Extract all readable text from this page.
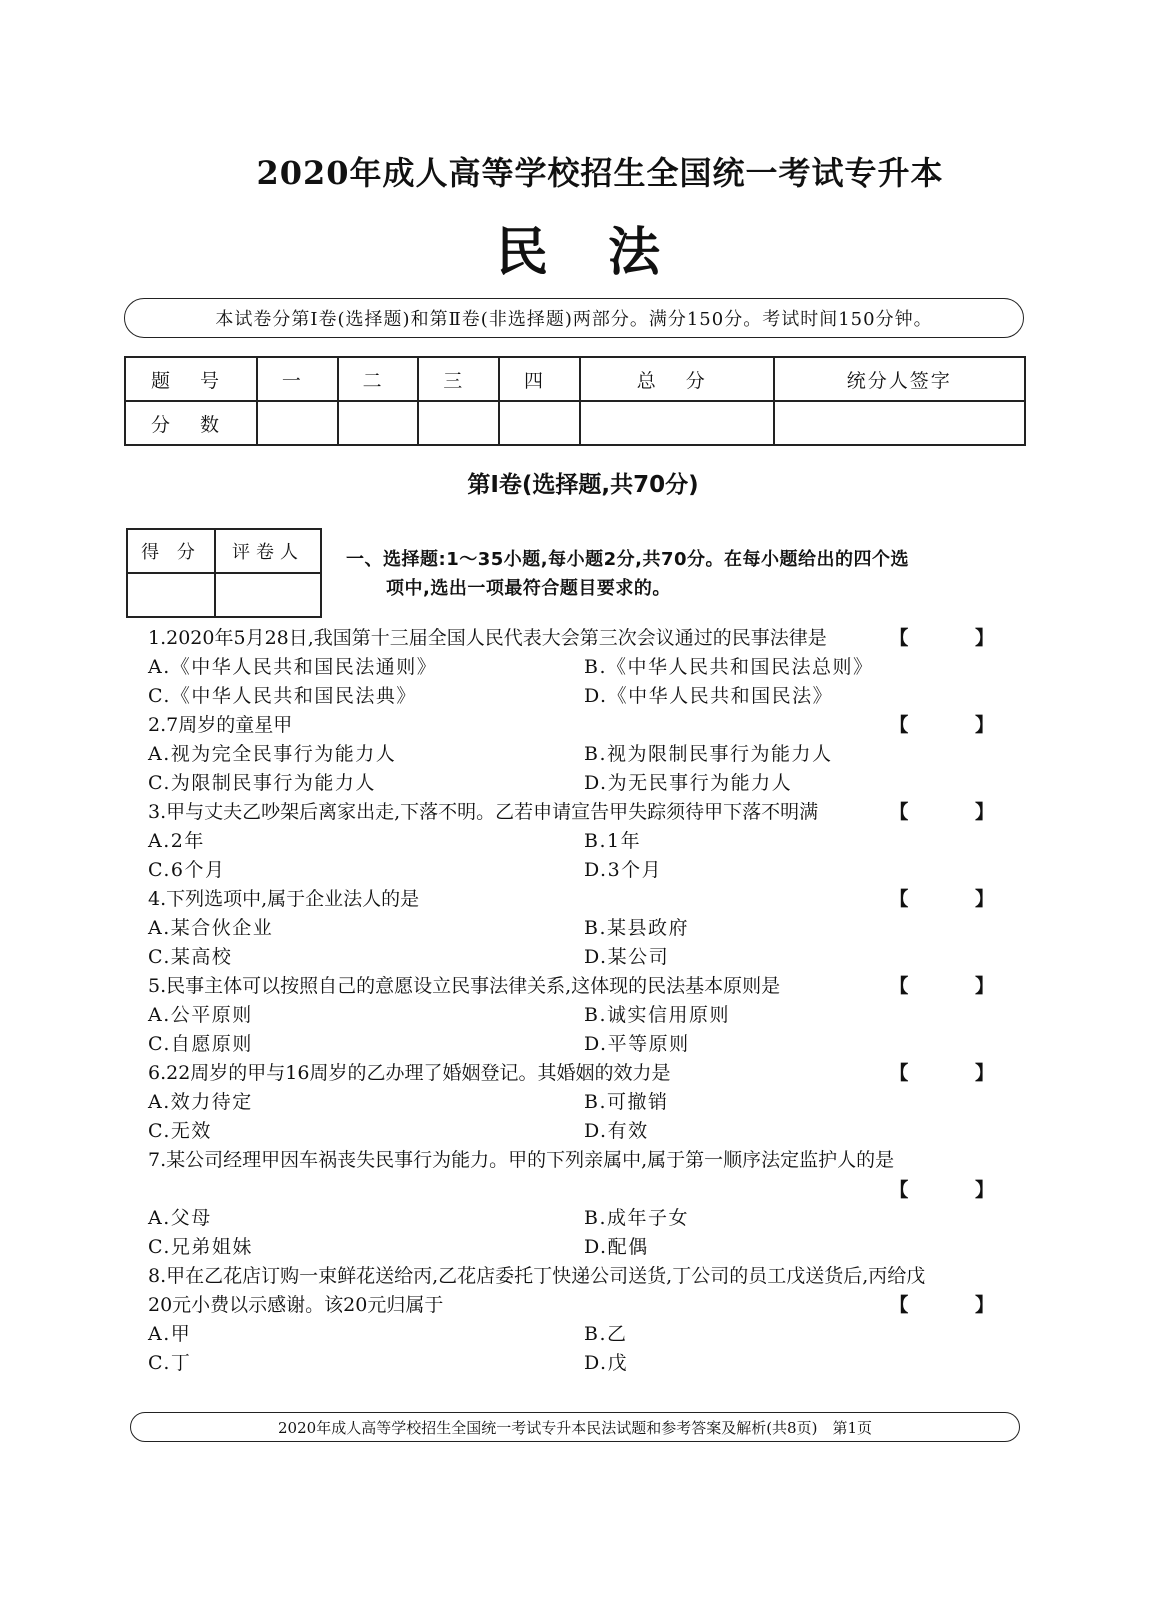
2020年成人高等学校招生全国统一考试专升本
民法
本试卷分第Ⅰ卷(选择题)和第Ⅱ卷(非选择题)两部分。满分150分。考试时间150分钟。
题 号	一	二	三	四	总 分	统分人签字
分 数						
第Ⅰ卷(选择题,共70分)
得 分	评卷人
	一、选择题:1～35小题,每小题2分,共70分。在每小题给出的四个选
项中,选出一项最符合题目要求的。
1.2020年5月28日,我国第十三届全国人民代表大会第三次会议通过的民事法律是	【 】
A.《中华人民共和国民法通则》	B.《中华人民共和国民法总则》
C.《中华人民共和国民法典》	D.《中华人民共和国民法》
2.7周岁的童星甲	【 】
A.视为完全民事行为能力人	B.视为限制民事行为能力人
C.为限制民事行为能力人	D.为无民事行为能力人
3.甲与丈夫乙吵架后离家出走,下落不明。乙若申请宣告甲失踪须待甲下落不明满	【 】
A.2年	B.1年
C.6个月	D.3个月
4.下列选项中,属于企业法人的是	【 】
A.某合伙企业	B.某县政府
C.某高校	D.某公司
5.民事主体可以按照自己的意愿设立民事法律关系,这体现的民法基本原则是	【 】
A.公平原则	B.诚实信用原则
C.自愿原则	D.平等原则
6.22周岁的甲与16周岁的乙办理了婚姻登记。其婚姻的效力是	【 】
A.效力待定	B.可撤销
C.无效	D.有效
7.某公司经理甲因车祸丧失民事行为能力。甲的下列亲属中,属于第一顺序法定监护人的是
【 】
A.父母	B.成年子女
C.兄弟姐妹	D.配偶
8.甲在乙花店订购一束鲜花送给丙,乙花店委托丁快递公司送货,丁公司的员工戊送货后,丙给戊
20元小费以示感谢。该20元归属于	【 】
A.甲	B.乙
C.丁	D.戊
2020年成人高等学校招生全国统一考试专升本民法试题和参考答案及解析(共8页)　第1页
